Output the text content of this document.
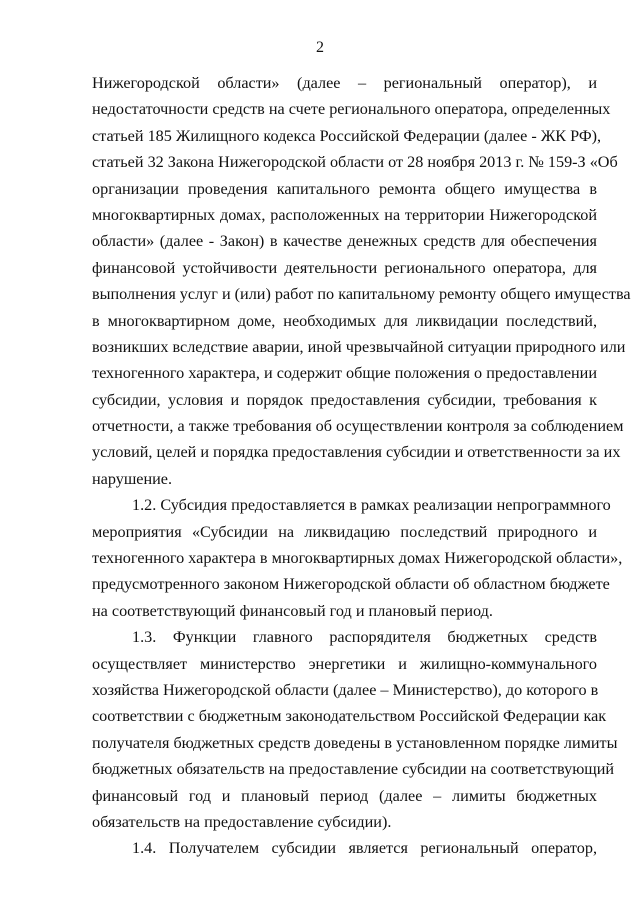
2
Нижегородской области» (далее – региональный оператор), и
недостаточности средств на счете регионального оператора, определенных
статьей 185 Жилищного кодекса Российской Федерации (далее - ЖК РФ),
статьей 32 Закона Нижегородской области от 28 ноября 2013 г. № 159-З «Об
организации проведения капитального ремонта общего имущества в
многоквартирных домах, расположенных на территории Нижегородской
области» (далее - Закон) в качестве денежных средств для обеспечения
финансовой устойчивости деятельности регионального оператора, для
выполнения услуг и (или) работ по капитальному ремонту общего имущества
в многоквартирном доме, необходимых для ликвидации последствий,
возникших вследствие аварии, иной чрезвычайной ситуации природного или
техногенного характера, и содержит общие положения о предоставлении
субсидии, условия и порядок предоставления субсидии, требования к
отчетности, а также требования об осуществлении контроля за соблюдением
условий, целей и порядка предоставления субсидии и ответственности за их
нарушение.
1.2. Субсидия предоставляется в рамках реализации непрограммного
мероприятия «Субсидии на ликвидацию последствий природного и
техногенного характера в многоквартирных домах Нижегородской области»,
предусмотренного законом Нижегородской области об областном бюджете
на соответствующий финансовый год и плановый период.
1.3. Функции главного распорядителя бюджетных средств
осуществляет министерство энергетики и жилищно-коммунального
хозяйства Нижегородской области (далее – Министерство), до которого в
соответствии с бюджетным законодательством Российской Федерации как
получателя бюджетных средств доведены в установленном порядке лимиты
бюджетных обязательств на предоставление субсидии на соответствующий
финансовый год и плановый период (далее – лимиты бюджетных
обязательств на предоставление субсидии).
1.4. Получателем субсидии является региональный оператор,
